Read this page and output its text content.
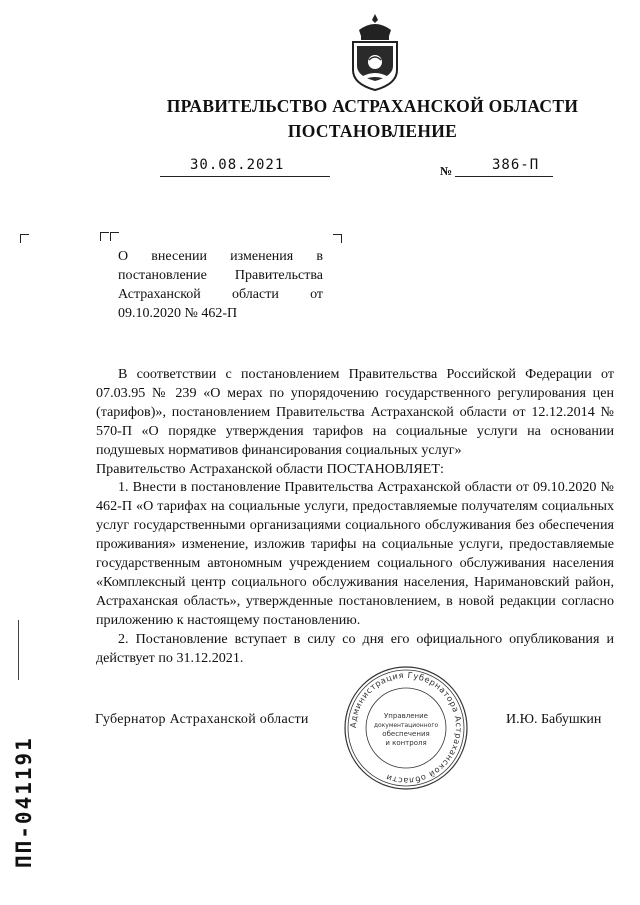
ПРАВИТЕЛЬСТВО АСТРАХАНСКОЙ ОБЛАСТИ
ПОСТАНОВЛЕНИЕ
30.08.2021	№	386-П
О внесении изменения в постановление Правительства Астраханской области от 09.10.2020 № 462-П

В соответствии с постановлением Правительства Российской Федерации от 07.03.95 № 239 «О мерах по упорядочению государственного регулирования цен (тарифов)», постановлением Правительства Астраханской области от 12.12.2014 № 570-П «О порядке утверждения тарифов на социальные услуги на основании подушевых нормативов финансирования социальных услуг»

Правительство Астраханской области ПОСТАНОВЛЯЕТ:

1. Внести в постановление Правительства Астраханской области от 09.10.2020 № 462-П «О тарифах на социальные услуги, предоставляемые получателям социальных услуг государственными организациями социального обслуживания без обеспечения проживания» изменение, изложив тарифы на социальные услуги, предоставляемые государственным автономным учреждением социального обслуживания населения «Комплексный центр социального обслуживания населения, Наримановский район, Астраханская область», утвержденные постановлением, в новой редакции согласно приложению к настоящему постановлению.

2. Постановление вступает в силу со дня его официального опубликования и действует по 31.12.2021.

Губернатор Астраханской области	И.Ю. Бабушкин
Администрация Губернатора Астраханской области
Управление
документационного
обеспечения
и контроля
ПП-041191
